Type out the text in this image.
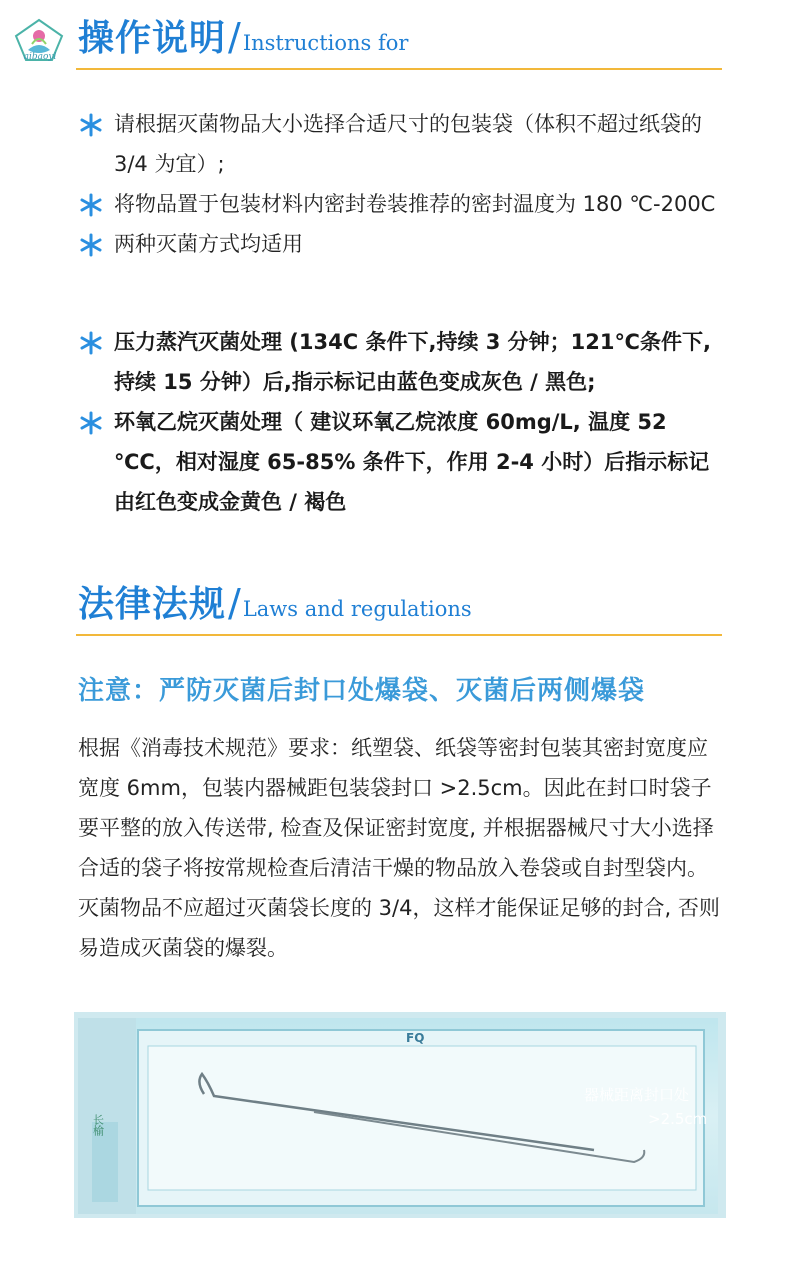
aibaoyl 操作说明/Instructions for
请根据灭菌物品大小选择合适尺寸的包装袋（体积不超过纸袋的 3/4 为宜）;
将物品置于包装材料内密封卷装推荐的密封温度为 180 ℃-200C
两种灭菌方式均适用
压力蒸汽灭菌处理 (134C 条件下,持续 3 分钟；121℃条件下,持续 15 分钟）后,指示标记由蓝色变成灰色 / 黑色;
环氧乙烷灭菌处理（ 建议环氧乙烷浓度 60mg/L, 温度 52 ℃C，相对湿度 65-85% 条件下，作用 2-4 小时）后指示标记由红色变成金黄色 / 褐色
法律法规/Laws and regulations
注意：严防灭菌后封口处爆袋、灭菌后两侧爆袋

根据《消毒技术规范》要求：纸塑袋、纸袋等密封包装其密封宽度应宽度 6mm，包装内器械距包装袋封口 >2.5cm。因此在封口时袋子要平整的放入传送带, 检查及保证密封宽度, 并根据器械尺寸大小选择合适的袋子将按常规检查后清洁干燥的物品放入卷袋或自封型袋内。灭菌物品不应超过灭菌袋长度的 3/4，这样才能保证足够的封合, 否则易造成灭菌袋的爆裂。

长榆
FQ
器械距离封口处
>2.5cm
